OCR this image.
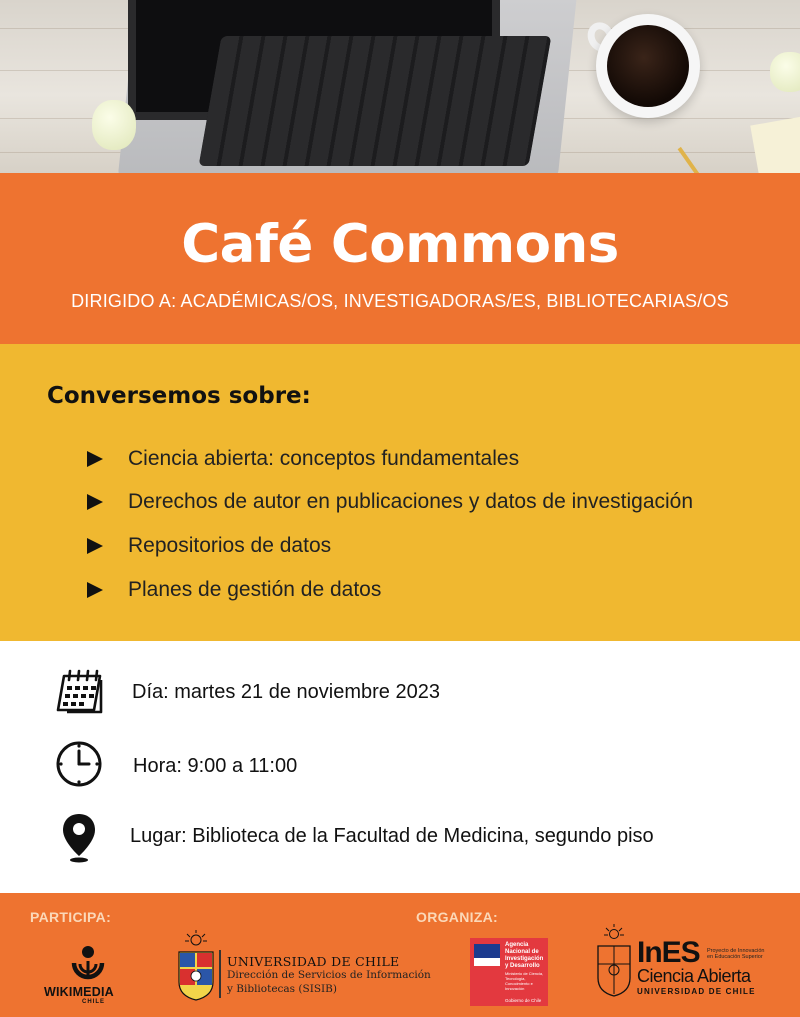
Café Commons
DIRIGIDO A: ACADÉMICAS/OS, INVESTIGADORAS/ES, BIBLIOTECARIAS/OS
Conversemos sobre:
Ciencia abierta: conceptos fundamentales
Derechos de autor en publicaciones y datos de investigación
Repositorios de datos
Planes de gestión de datos
Día: martes 21 de noviembre 2023
Hora: 9:00 a 11:00
Lugar: Biblioteca de la Facultad de Medicina, segundo piso
PARTICIPA:	ORGANIZA:
WIKIMEDIA
CHILE
UNIVERSIDAD DE CHILE
Dirección de Servicios de Información
y Bibliotecas (SISIB)
Agencia Nacional de Investigación y Desarrollo
Ministerio de Ciencia, Tecnología, Conocimiento e Innovación
Gobierno de Chile
InES Proyecto de Innovación en Educación Superior
Ciencia Abierta
UNIVERSIDAD DE CHILE
